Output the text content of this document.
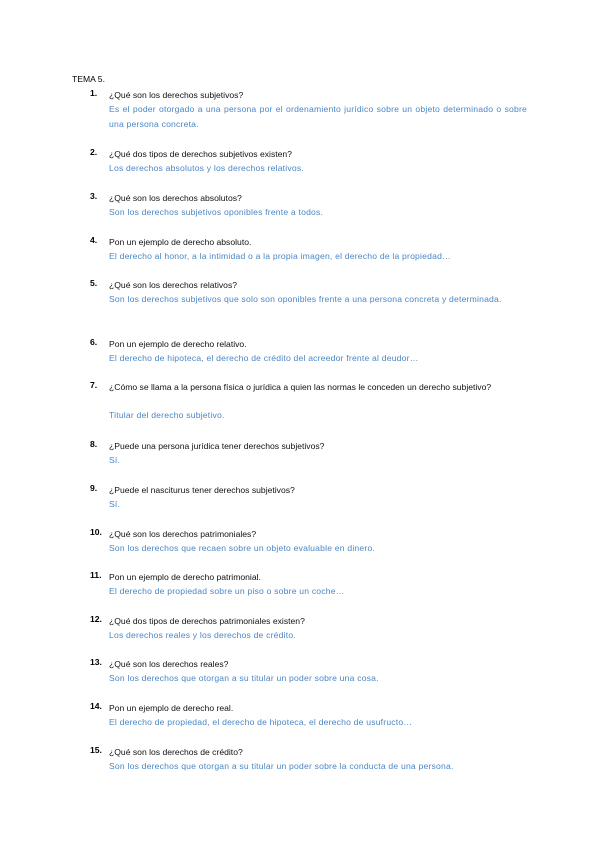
TEMA 5.
1. ¿Qué son los derechos subjetivos?
Es el poder otorgado a una persona por el ordenamiento jurídico sobre un objeto determinado o sobre una persona concreta.
2. ¿Qué dos tipos de derechos subjetivos existen?
Los derechos absolutos y los derechos relativos.
3. ¿Qué son los derechos absolutos?
Son los derechos subjetivos oponibles frente a todos.
4. Pon un ejemplo de derecho absoluto.
El derecho al honor, a la intimidad o a la propia imagen, el derecho de la propiedad…
5. ¿Qué son los derechos relativos?
Son los derechos subjetivos que solo son oponibles frente a una persona concreta y determinada.
6. Pon un ejemplo de derecho relativo.
El derecho de hipoteca, el derecho de crédito del acreedor frente al deudor…
7. ¿Cómo se llama a la persona física o jurídica a quien las normas le conceden un derecho subjetivo?
Titular del derecho subjetivo.
8. ¿Puede una persona jurídica tener derechos subjetivos?
Sí.
9. ¿Puede el nasciturus tener derechos subjetivos?
Sí.
10. ¿Qué son los derechos patrimoniales?
Son los derechos que recaen sobre un objeto evaluable en dinero.
11. Pon un ejemplo de derecho patrimonial.
El derecho de propiedad sobre un piso o sobre un coche…
12. ¿Qué dos tipos de derechos patrimoniales existen?
Los derechos reales y los derechos de crédito.
13. ¿Qué son los derechos reales?
Son los derechos que otorgan a su titular un poder sobre una cosa.
14. Pon un ejemplo de derecho real.
El derecho de propiedad, el derecho de hipoteca, el derecho de usufructo…
15. ¿Qué son los derechos de crédito?
Son los derechos que otorgan a su titular un poder sobre la conducta de una persona.
